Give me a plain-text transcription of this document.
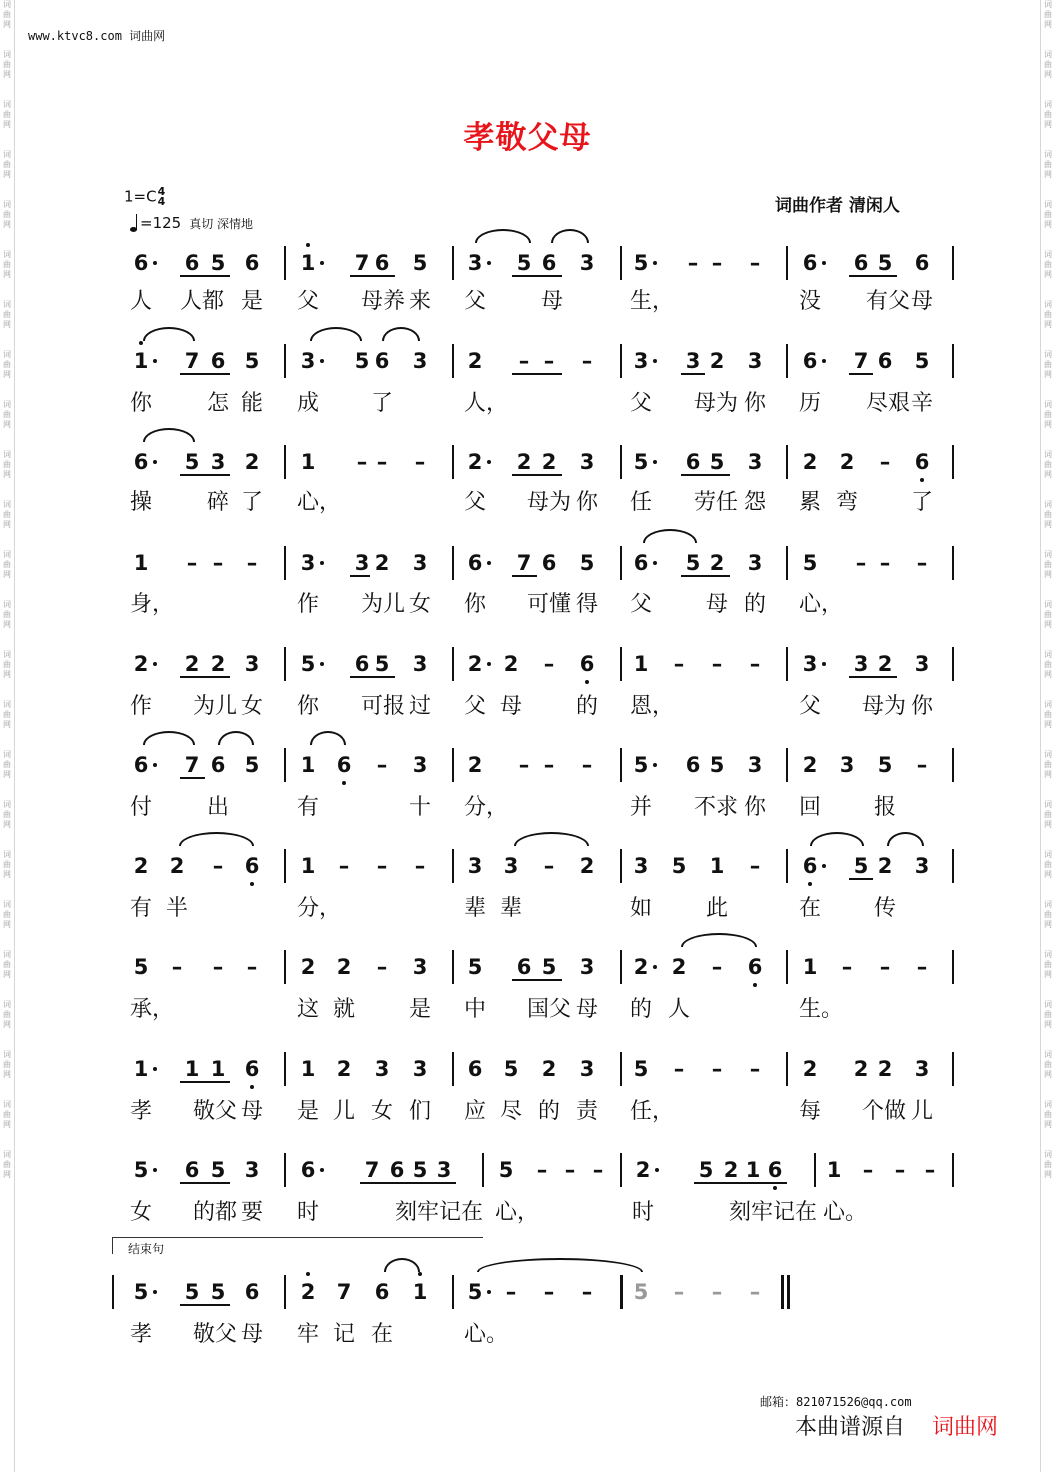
词
曲
网

词
曲
网

词
曲
网

词
曲
网

词
曲
网

词
曲
网

词
曲
网

词
曲
网

词
曲
网

词
曲
网

词
曲
网

词
曲
网

词
曲
网

词
曲
网

词
曲
网

词
曲
网

词
曲
网

词
曲
网

词
曲
网

词
曲
网

词
曲
网

词
曲
网

词
曲
网

词
曲
网

词
曲
网

词
曲
网

词
曲
网

词
曲
网

词
曲
网

词
曲
网

词
曲
网

词
曲
网

词
曲
网

词
曲
网

词
曲
网

词
曲
网

词
曲
网

词
曲
网

词
曲
网

词
曲
网

词
曲
网

词
曲
网

词
曲
网

词
曲
网

词
曲
网

词
曲
网

词
曲
网

词
曲
网

www.ktvc8.com 词曲网
孝敬父母
1=C 4
4
=125 真切 深情地
词曲作者 清闲人
6 6 5 6 1 7 6 5 3 5 6 3 5	– –	–	6 6 5 6
1 7 6 5 3 5 6 3 2	– –	–	3 3 2 3 6 7 6 5
6 5 3 2 1	– –	–	2 2 2 3 5 6 5 3 2 2	–	6
1	– –	–	3 3 2 3 6 7 6 5 6 5 2 3 5	– –	–
2 2 2 3 5 6 5 3 2 2	–	6 1	–	–	–	3 3 2 3
6 7 6 5 1 6	–	3 2	– –	–	5 6 5 3 2 3 5	–
2 2	–	6 1	–	–	–	3 3	–	2 3 5 1	–	6 5 2 3
5	–	–	–	2 2	–	3 5 6 5 3 2 2	–	6 1	–	–	–
1 1 1 6 1 2 3 3 6 5 2 3 5	–	–	–	2 2 2 3
5 6 5 3 6 7 6 5 3 5	– – –	2 5 2 1 6 1	–	– –
5 5 5 6 2 7 6 1 5	–	–	–	5	–	–	–
人 人都 是 父 母养 来 父 母	生，	没 有父 母
你 怎 能 成 了	人，	父 母为 你 历 尽艰 辛
操 碎 了 心，	父 母为 你 任 劳任 怨 累 弯 了
身，	作 为儿 女 你 可懂 得 父 母 的 心，
作 为儿 女 你 可报 过 父 母 的 恩，	父 母为 你
付 出	有	十 分，	并 不求 你 回 报
有 半	分，	辈 辈	如 此	在 传
承，	这 就 是 中 国父 母 的 人	生。
孝 敬父 母 是 儿 女 们 应 尽 的 责 任，	每 个做 儿
女 的都 要 时	刻牢记在 心，	时	刻牢记在 心。
孝 敬父 母 牢 记 在	心。
结束句
邮箱：821071526@qq.com
本曲谱源自 词曲网
